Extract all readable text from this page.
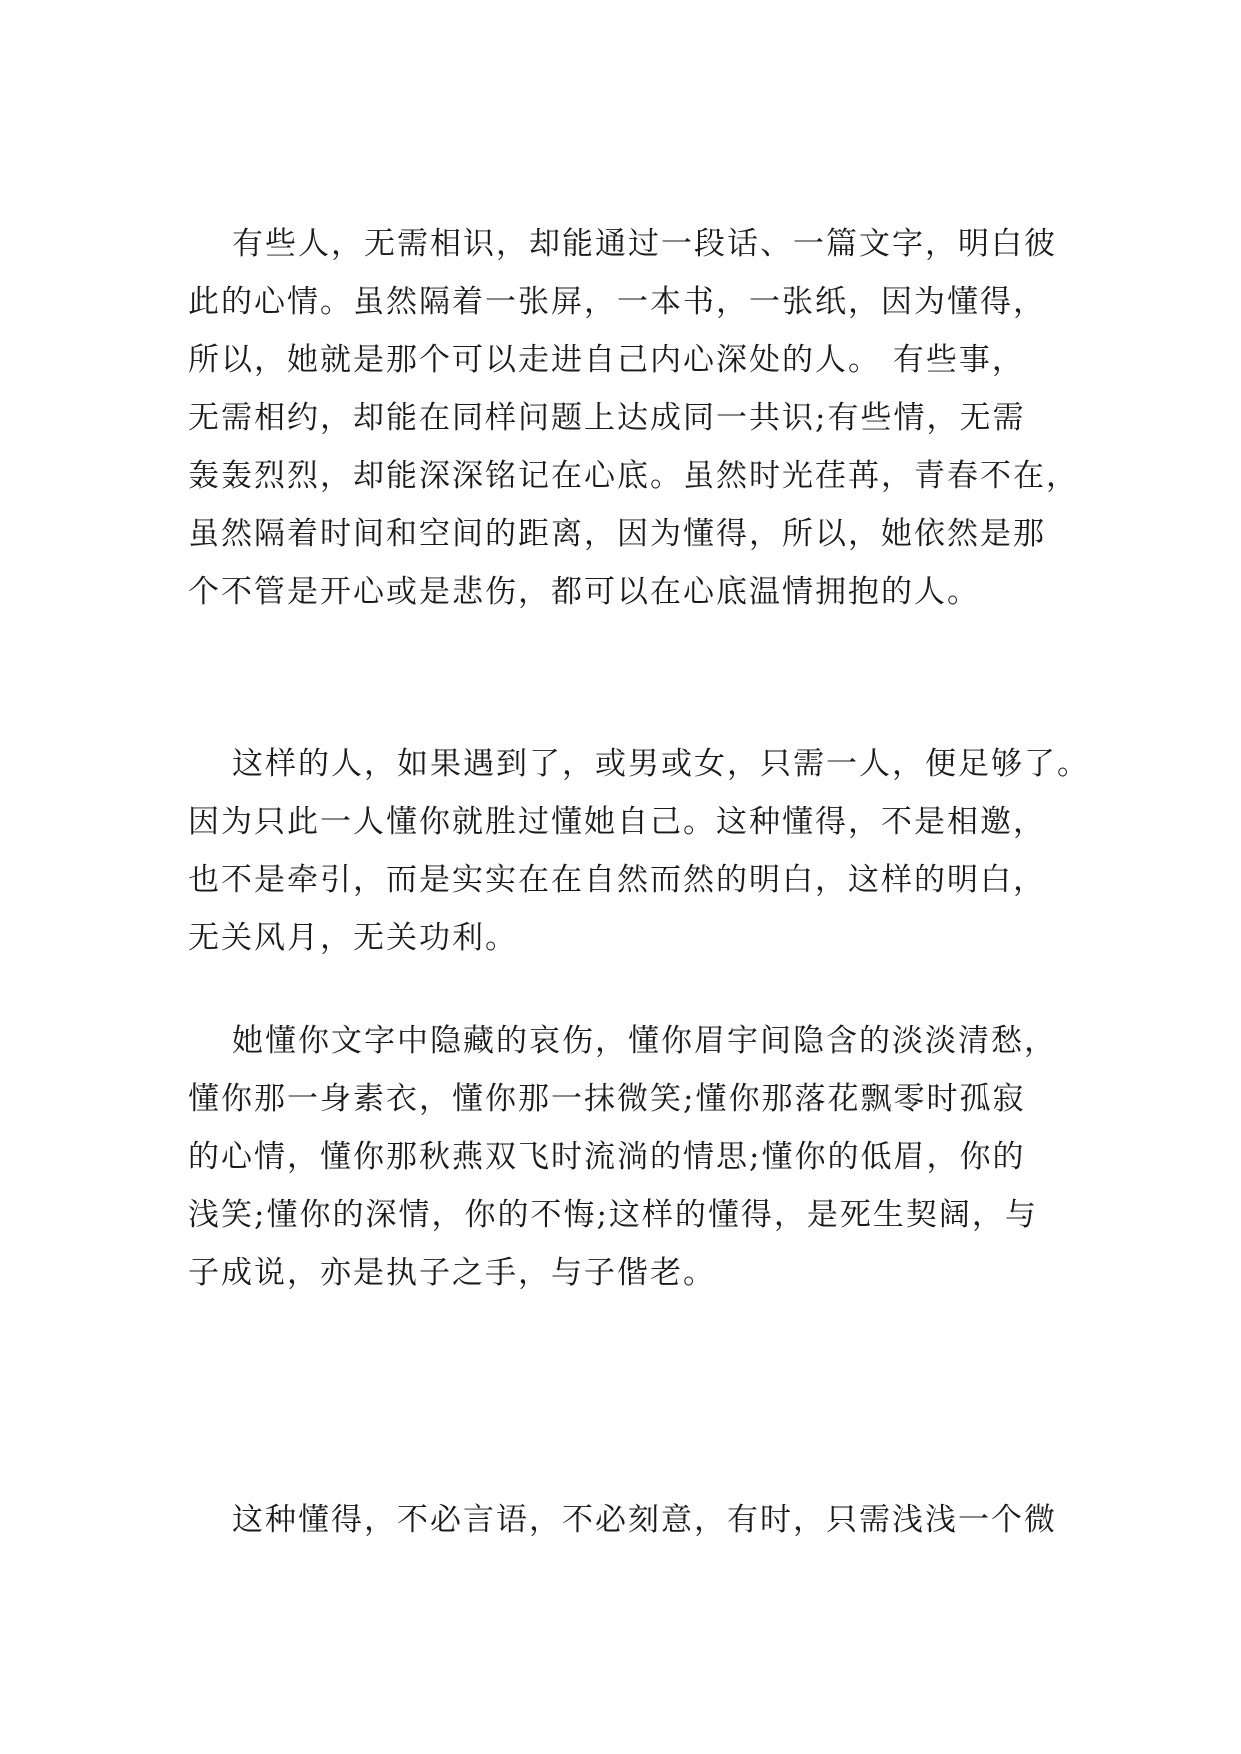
有些人，无需相识，却能通过一段话、一篇文字，明白彼
此的心情。虽然隔着一张屏，一本书，一张纸，因为懂得，
所以，她就是那个可以走进自己内心深处的人。 有些事，
无需相约，却能在同样问题上达成同一共识;有些情，无需
轰轰烈烈，却能深深铭记在心底。虽然时光荏苒，青春不在，
虽然隔着时间和空间的距离，因为懂得，所以，她依然是那
个不管是开心或是悲伤，都可以在心底温情拥抱的人。
这样的人，如果遇到了，或男或女，只需一人，便足够了。
因为只此一人懂你就胜过懂她自己。这种懂得，不是相邀，
也不是牵引，而是实实在在自然而然的明白，这样的明白，
无关风月，无关功利。
她懂你文字中隐藏的哀伤，懂你眉宇间隐含的淡淡清愁，
懂你那一身素衣，懂你那一抹微笑;懂你那落花飘零时孤寂
的心情，懂你那秋燕双飞时流淌的情思;懂你的低眉，你的
浅笑;懂你的深情，你的不悔;这样的懂得，是死生契阔，与
子成说，亦是执子之手，与子偕老。
这种懂得，不必言语，不必刻意，有时，只需浅浅一个微
